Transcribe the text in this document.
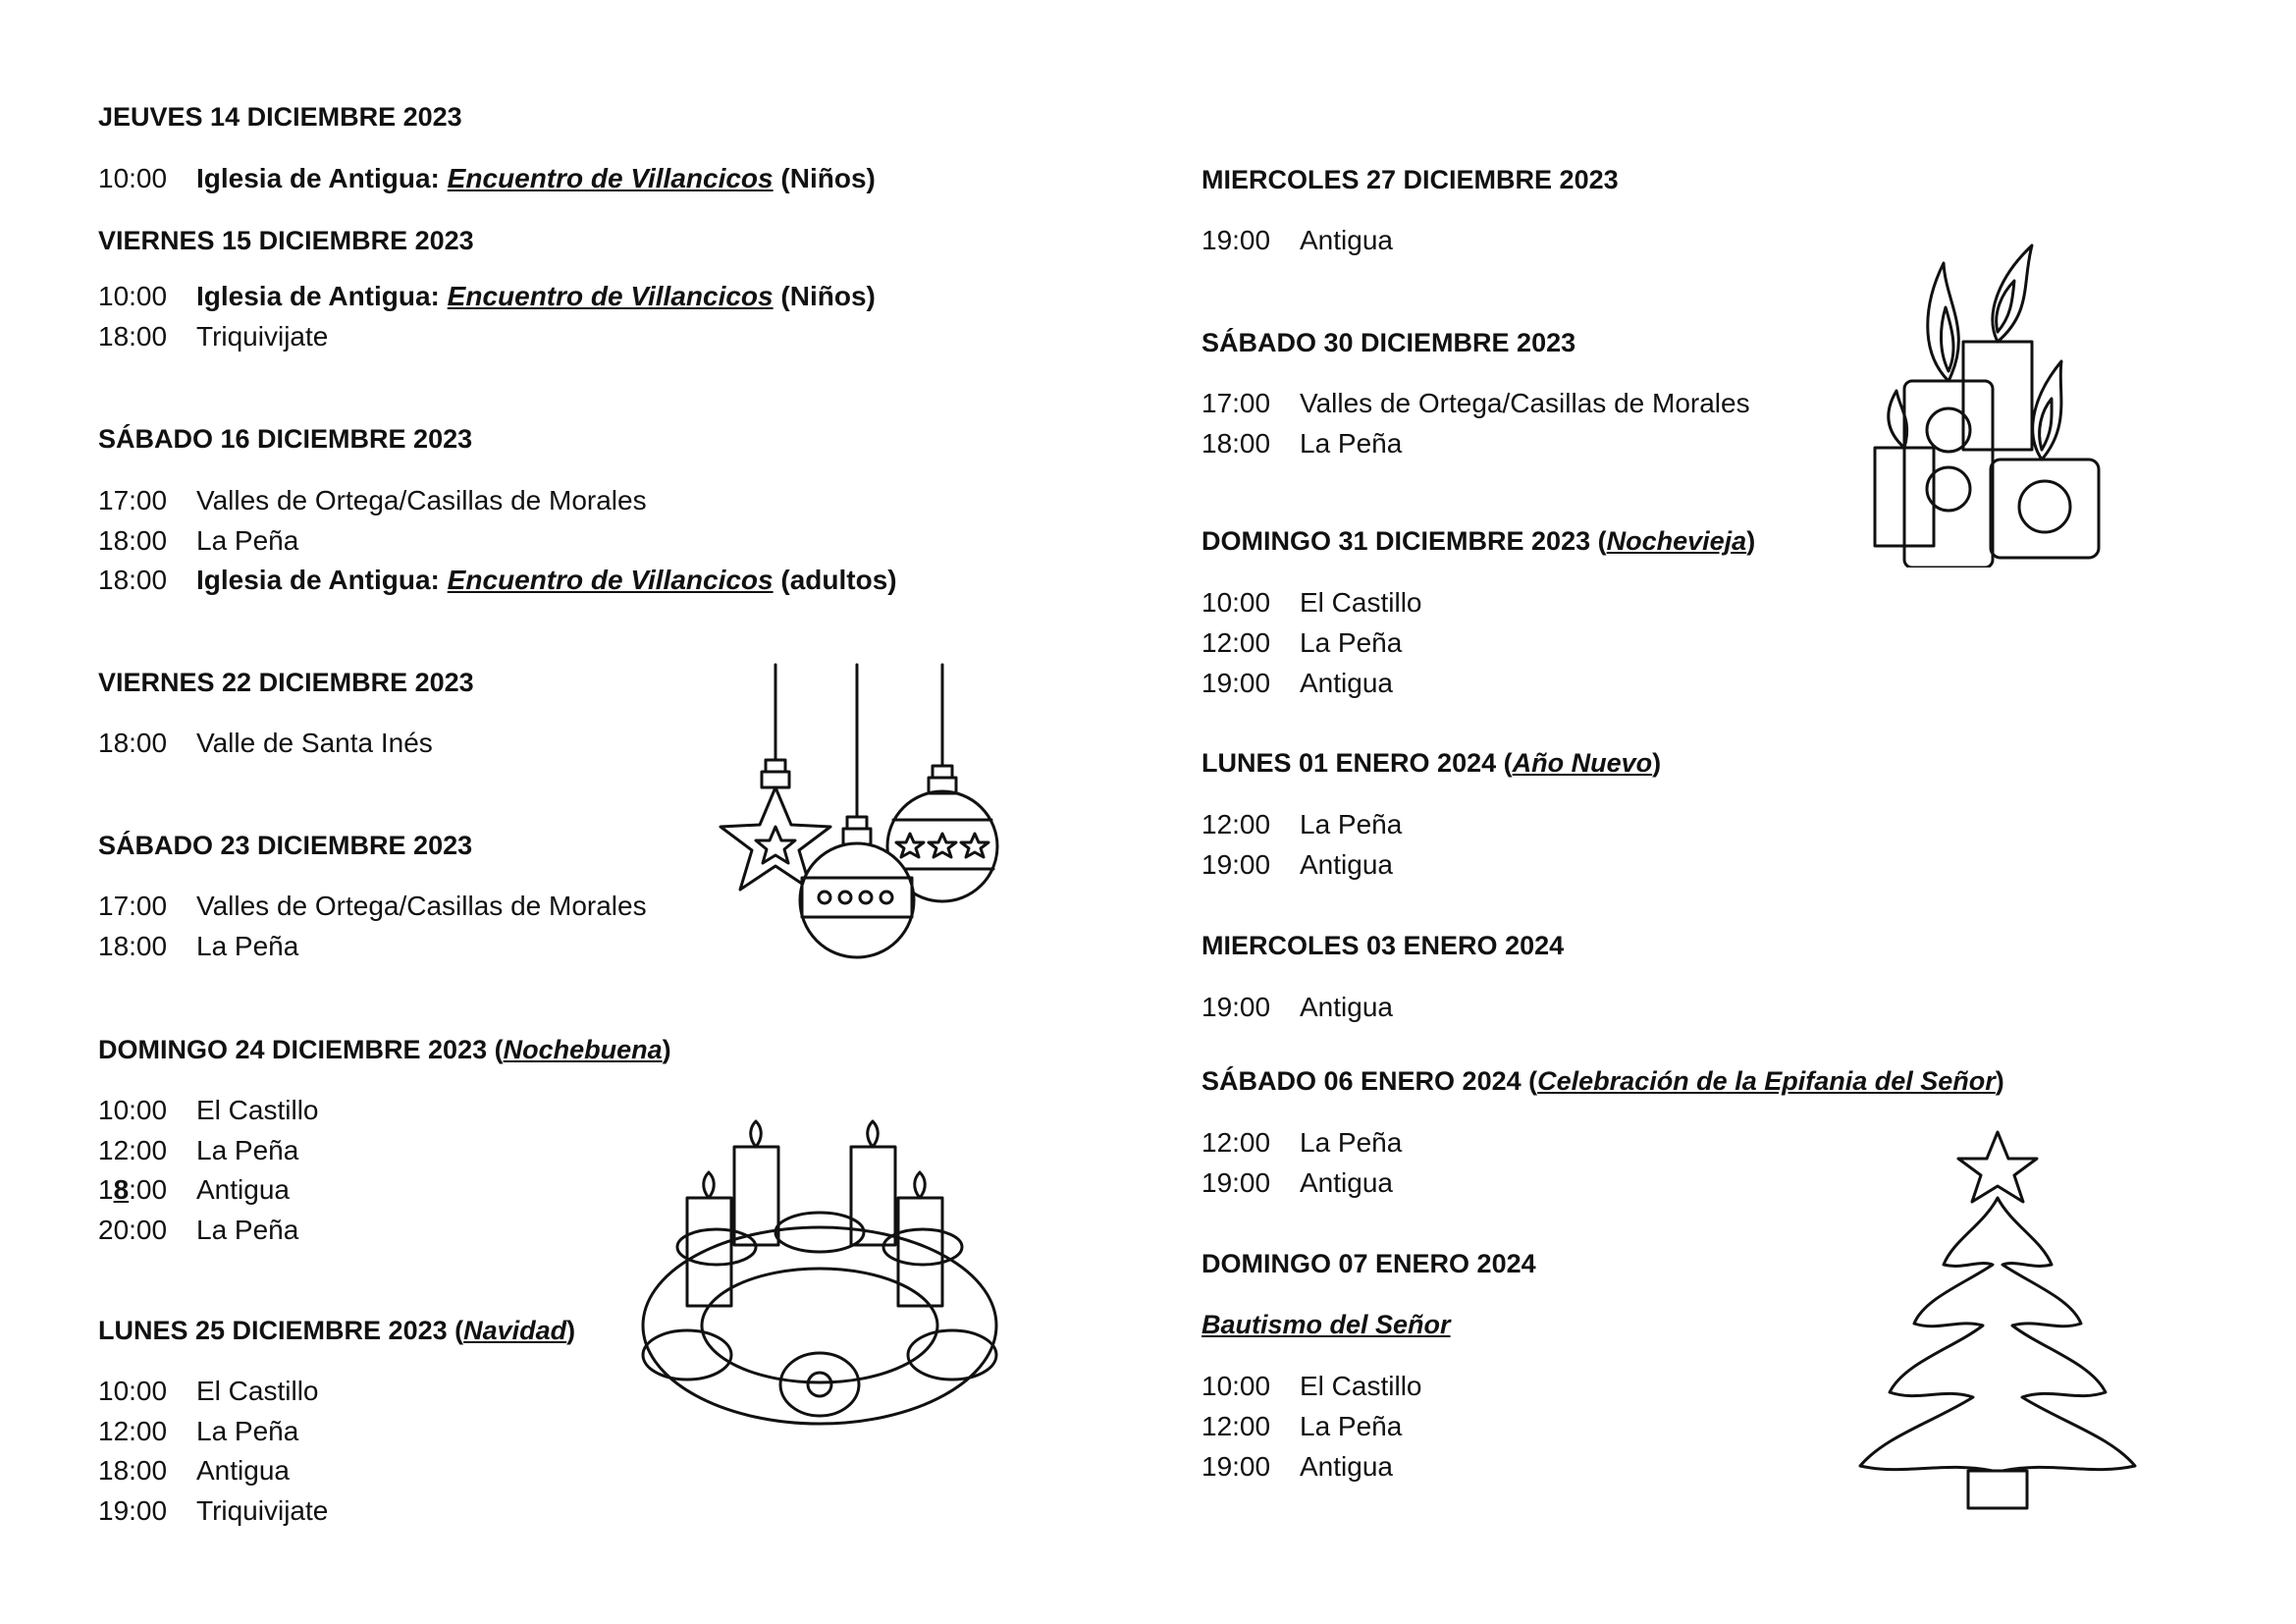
JEUVES 14 DICIEMBRE 2023
10:00 Iglesia de Antigua: Encuentro de Villancicos (Niños)
VIERNES 15 DICIEMBRE 2023
10:00 Iglesia de Antigua: Encuentro de Villancicos (Niños)
18:00 Triquivijate
SÁBADO 16 DICIEMBRE 2023
17:00 Valles de Ortega/Casillas de Morales
18:00 La Peña
18:00 Iglesia de Antigua: Encuentro de Villancicos (adultos)
VIERNES 22 DICIEMBRE 2023
18:00 Valle de Santa Inés
SÁBADO 23 DICIEMBRE 2023
17:00 Valles de Ortega/Casillas de Morales
18:00 La Peña
DOMINGO 24 DICIEMBRE 2023 (Nochebuena)
10:00 El Castillo
12:00 La Peña
18:00 Antigua
20:00 La Peña
LUNES 25 DICIEMBRE 2023 (Navidad)
10:00 El Castillo
12:00 La Peña
18:00 Antigua
19:00 Triquivijate
MIERCOLES 27 DICIEMBRE 2023
19:00 Antigua
SÁBADO 30 DICIEMBRE 2023
17:00 Valles de Ortega/Casillas de Morales
18:00 La Peña
DOMINGO 31 DICIEMBRE 2023 (Nochevieja)
10:00 El Castillo
12:00 La Peña
19:00 Antigua
LUNES 01 ENERO 2024 (Año Nuevo)
12:00 La Peña
19:00 Antigua
MIERCOLES 03 ENERO 2024
19:00 Antigua
SÁBADO 06 ENERO 2024 (Celebración de la Epifania del Señor)
12:00 La Peña
19:00 Antigua
DOMINGO 07 ENERO 2024
Bautismo del Señor
10:00 El Castillo
12:00 La Peña
19:00 Antigua
